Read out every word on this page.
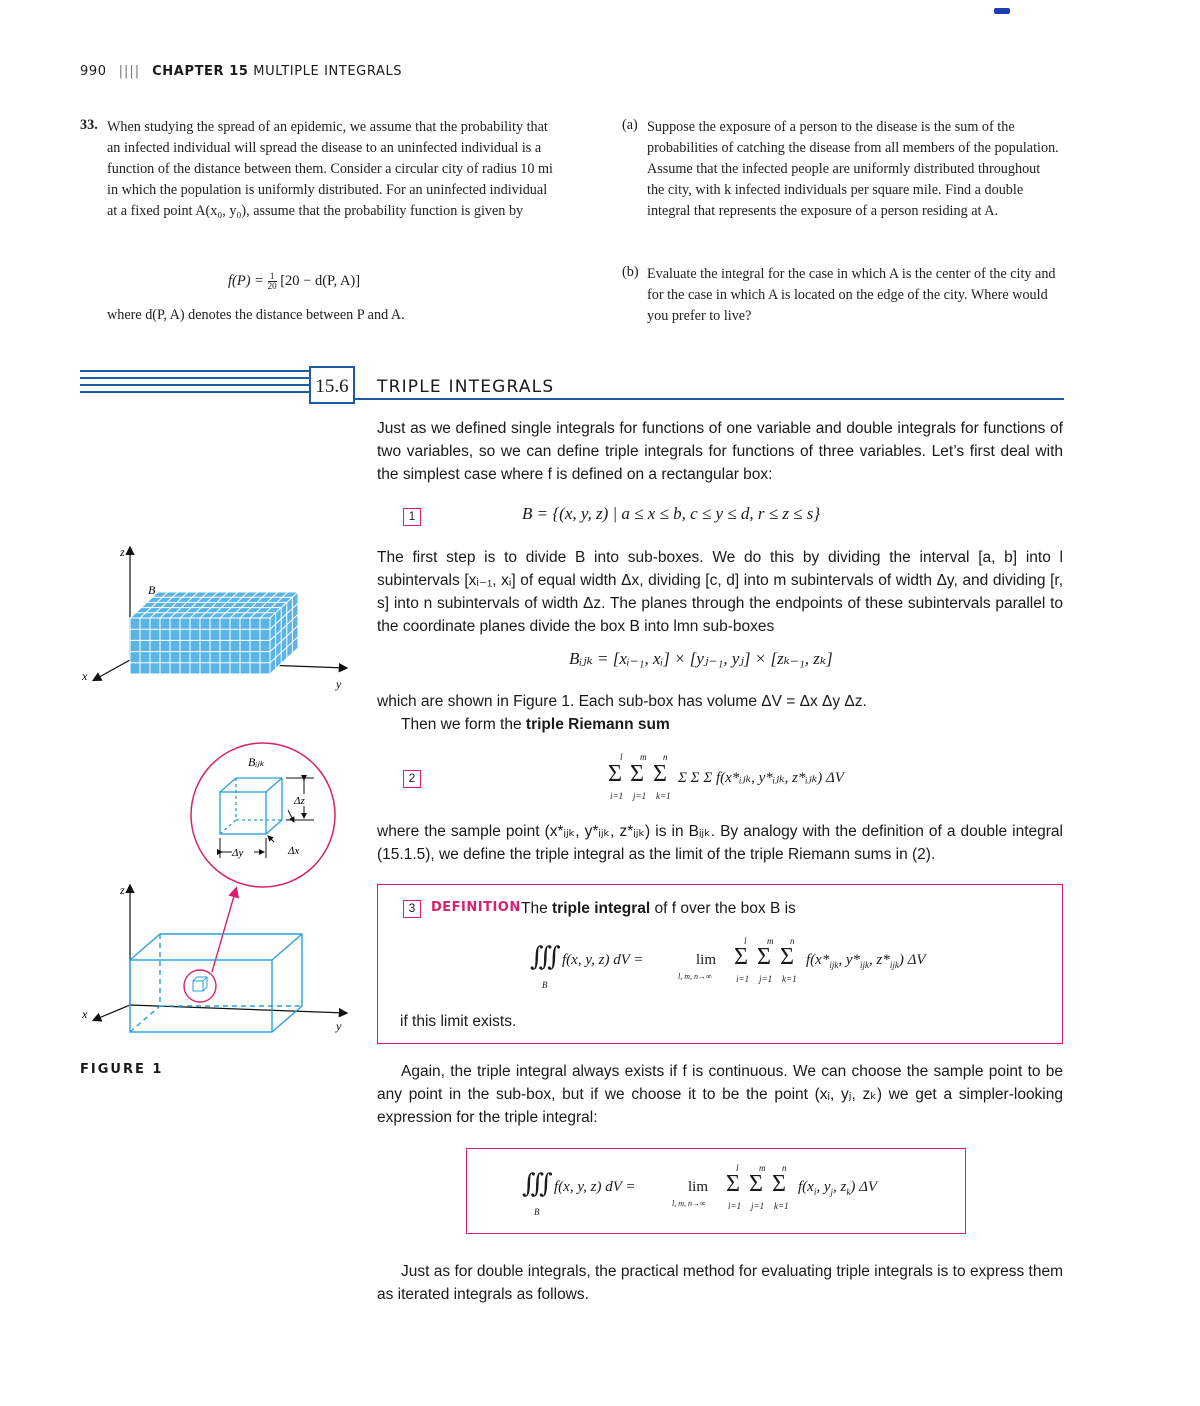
990 |||| CHAPTER 15 MULTIPLE INTEGRALS
33. When studying the spread of an epidemic, we assume that the probability that an infected individual will spread the disease to an uninfected individual is a function of the distance between them. Consider a circular city of radius 10 mi in which the population is uniformly distributed. For an uninfected individual at a fixed point A(x₀, y₀), assume that the probability function is given by

$f(P) = \frac{1}{20} [20 - d(P$, A)]
where d(P, A) denotes the distance between P and A.
(a) Suppose the exposure of a person to the disease is the sum of the probabilities of catching the disease from all members of the population. Assume that the infected people are uniformly distributed throughout the city, with k infected individuals per square mile. Find a double integral that represents the exposure of a person residing at A.
(b) Evaluate the integral for the case in which A is the center of the city and for the case in which A is located on the edge of the city. Where would you prefer to live?
15.6	TRIPLE INTEGRALS

Just as we defined single integrals for functions of one variable and double integrals for functions of two variables, so we can define triple integrals for functions of three variables. Let’s first deal with the simplest case where f is defined on a rectangular box:

1	B = {(x, y, z) | a ≤ x ≤ b, c ≤ y ≤ d, r ≤ z ≤ s}

The first step is to divide B into sub-boxes. We do this by dividing the interval [a, b] into l subintervals [xᵢ₋₁, xᵢ] of equal width Δx, dividing [c, d] into m subintervals of width Δy, and dividing [r, s] into n subintervals of width Δz. The planes through the endpoints of these subintervals parallel to the coordinate planes divide the box B into lmn sub-boxes

Bᵢⱼₖ = [xᵢ₋₁, xᵢ] × [yⱼ₋₁, yⱼ] × [zₖ₋₁, zₖ]

which are shown in Figure 1. Each sub-box has volume ΔV = Δx Δy Δz.

Then we form the triple Riemann sum

2
l m n
Σ Σ Σ Σ Σ Σ f(x*ᵢⱼₖ, y*ᵢⱼₖ, z*ᵢⱼₖ) ΔV
i=1 j=1 k=1

where the sample point (x*ᵢⱼₖ, y*ᵢⱼₖ, z*ᵢⱼₖ) is in Bᵢⱼₖ. By analogy with the definition of a double integral (15.1.5), we define the triple integral as the limit of the triple Riemann sums in (2).

3	DEFINITION The triple integral of f over the box B is
∭
B
f(x, y, z) dV =	lim
l, m, n→∞
l m n
Σ Σ Σ $f(x*_{ijk}$, $y*_{ijk}$, $z*_{ijk}$) ΔV
i=1 j=1 k=1
if this limit exists.

Again, the triple integral always exists if f is continuous. We can choose the sample point to be any point in the sub-box, but if we choose it to be the point (xᵢ, yⱼ, zₖ) we get a simpler-looking expression for the triple integral:

∭
B
f(x, y, z) dV =	lim
l, m, n→∞
l m n
Σ Σ Σ $f(x_i$, $y_j$, $z_k$) ΔV
i=1 j=1 k=1

Just as for double integrals, the practical method for evaluating triple integrals is to express them as iterated integrals as follows.

z
x
y
B
Bᵢⱼₖ
Δz
Δy	Δx
z
x
y
FIGURE 1
